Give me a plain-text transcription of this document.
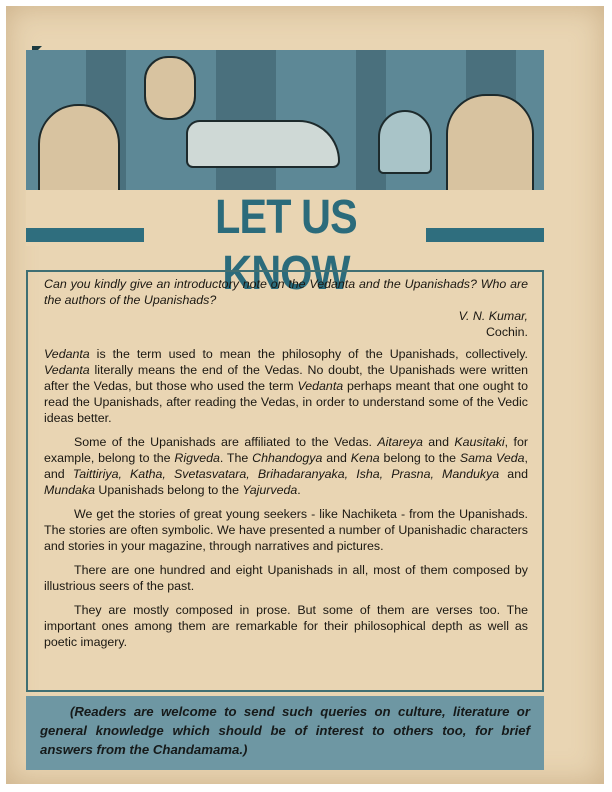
LET US KNOW

Can you kindly give an introductory note on the Vedanta and the Upanishads? Who are the authors of the Upanishads?

V. N. Kumar,

Cochin.

Vedanta is the term used to mean the philosophy of the Upanishads, collectively. Vedanta literally means the end of the Vedas. No doubt, the Upanishads were written after the Vedas, but those who used the term Vedanta perhaps meant that one ought to read the Upanishads, after reading the Vedas, in order to understand some of the Vedic ideas better.

Some of the Upanishads are affiliated to the Vedas. Aitareya and Kausitaki, for example, belong to the Rigveda. The Chhandogya and Kena belong to the Sama Veda, and Taittiriya, Katha, Svetasvatara, Brihadaranyaka, Isha, Prasna, Mandukya and Mundaka Upanishads belong to the Yajurveda.

We get the stories of great young seekers - like Nachiketa - from the Upanishads. The stories are often symbolic. We have presented a number of Upanishadic characters and stories in your magazine, through narratives and pictures.

There are one hundred and eight Upanishads in all, most of them composed by illustrious seers of the past.

They are mostly composed in prose. But some of them are verses too. The important ones among them are remarkable for their philosophical depth as well as poetic imagery.

(Readers are welcome to send such queries on culture, literature or general knowledge which should be of interest to others too, for brief answers from the Chandamama.)
